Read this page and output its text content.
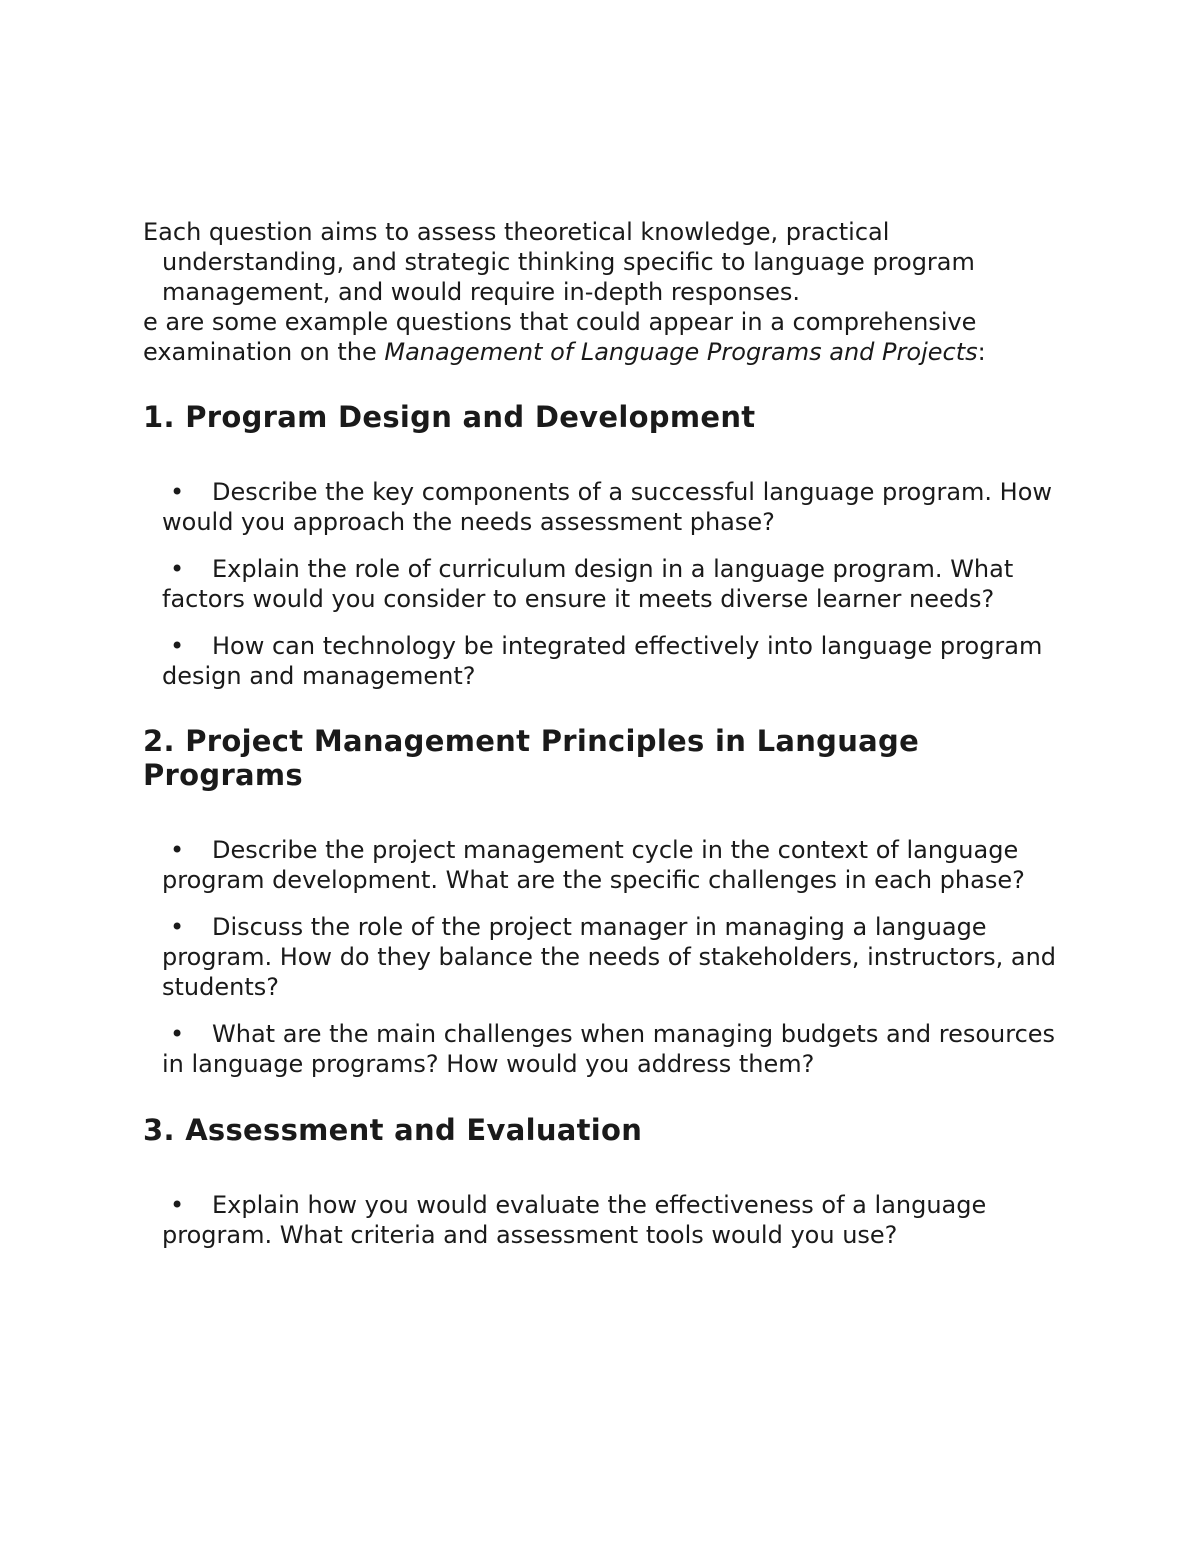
Each question aims to assess theoretical knowledge, practical
understanding, and strategic thinking specific to language program
management, and would require in-depth responses.

e are some example questions that could appear in a comprehensive
examination on the Management of Language Programs and Projects:

1. Program Design and Development
• Describe the key components of a successful language program. How would you approach the needs assessment phase?
• Explain the role of curriculum design in a language program. What factors would you consider to ensure it meets diverse learner needs?
• How can technology be integrated effectively into language program design and management?
2. Project Management Principles in Language Programs
• Describe the project management cycle in the context of language program development. What are the specific challenges in each phase?
• Discuss the role of the project manager in managing a language program. How do they balance the needs of stakeholders, instructors, and students?
• What are the main challenges when managing budgets and resources in language programs? How would you address them?
3. Assessment and Evaluation
• Explain how you would evaluate the effectiveness of a language program. What criteria and assessment tools would you use?
